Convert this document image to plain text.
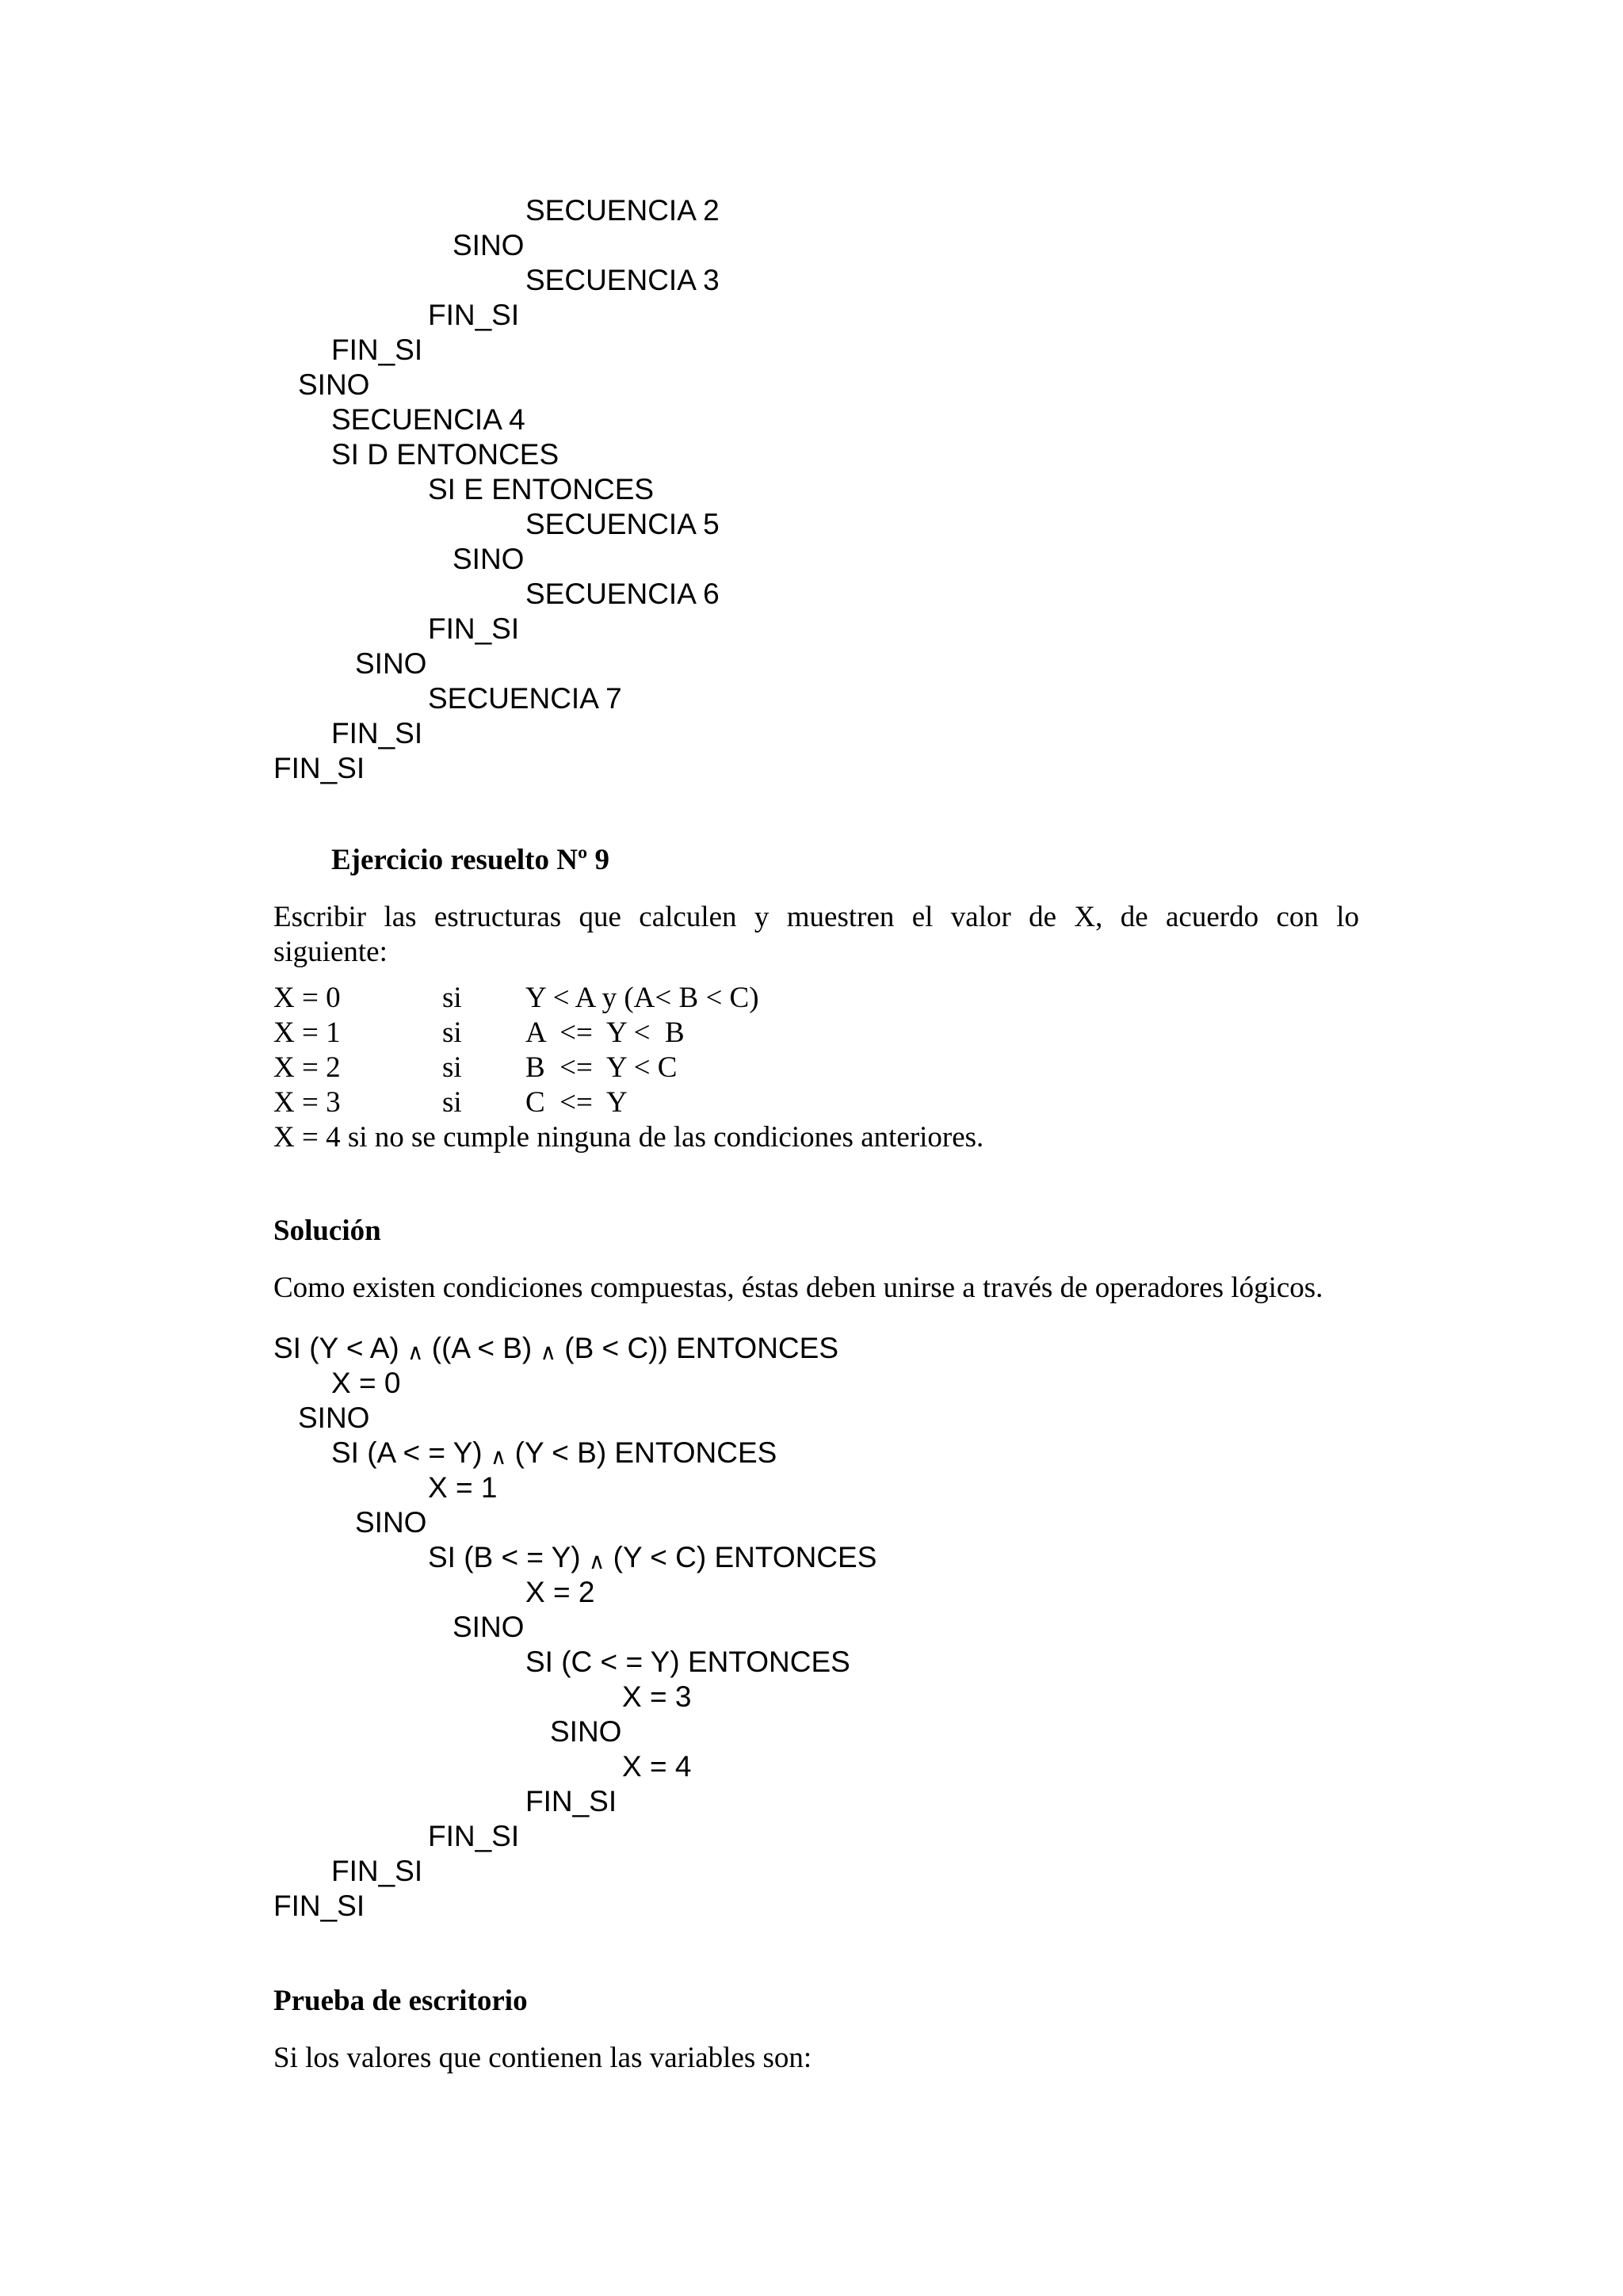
SECUENCIA 2
SINO
SECUENCIA 3
FIN_SI
FIN_SI
SINO
SECUENCIA 4
SI D ENTONCES
SI E ENTONCES
SECUENCIA 5
SINO
SECUENCIA 6
FIN_SI
SINO
SECUENCIA 7
FIN_SI
FIN_SI
Ejercicio resuelto Nº 9
Escribir las estructuras que calculen y muestren el valor de X, de acuerdo con lo
siguiente:
X = 0	si Y < A y (A< B < C)
X = 1	si A  <=  Y <  B
X = 2	si B  <=  Y < C
X = 3	si C  <=  Y
X = 4 si no se cumple ninguna de las condiciones anteriores.
Solución
Como existen condiciones compuestas, éstas deben unirse a través de operadores lógicos.
SI (Y < A) ∧ ((A < B) ∧ (B < C)) ENTONCES
X = 0
SINO
SI (A < = Y) ∧ (Y < B) ENTONCES
X = 1
SINO
SI (B < = Y) ∧ (Y < C) ENTONCES
X = 2
SINO
SI (C < = Y) ENTONCES
X = 3
SINO
X = 4
FIN_SI
FIN_SI
FIN_SI
FIN_SI
Prueba de escritorio
Si los valores que contienen las variables son:
